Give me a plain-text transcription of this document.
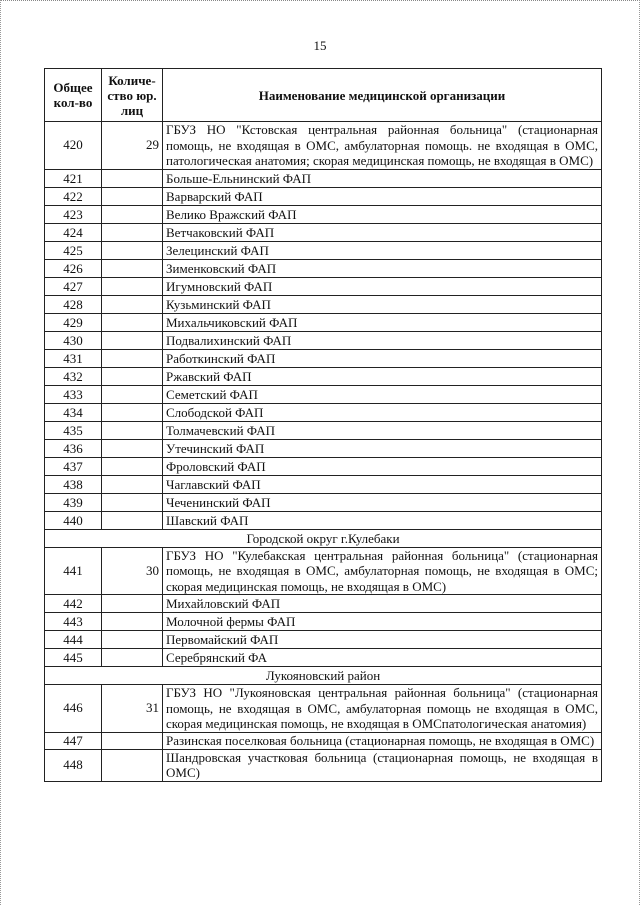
15
Общее кол-во	Количе-ство юр. лиц	Наименование медицинской организации
420	29	ГБУЗ НО "Кстовская центральная районная больница" (стационарная помощь, не входящая в ОМС, амбулаторная помощь. не входящая в ОМС, патологическая анатомия; скорая медицинская помощь, не входящая в ОМС)
421		Больше-Ельнинский ФАП
422		Варварский ФАП
423		Велико Вражский ФАП
424		Ветчаковский ФАП
425		Зелецинский ФАП
426		Зименковский ФАП
427		Игумновский ФАП
428		Кузьминский ФАП
429		Михальчиковский ФАП
430		Подвалихинский ФАП
431		Работкинский ФАП
432		Ржавский ФАП
433		Семетский ФАП
434		Слободской ФАП
435		Толмачевский ФАП
436		Утечинский ФАП
437		Фроловский ФАП
438		Чаглавский ФАП
439		Чеченинский ФАП
440		Шавский ФАП
Городской округ г.Кулебаки		
441	30	ГБУЗ НО "Кулебакская центральная районная больница" (стационарная помощь, не входящая в ОМС, амбулаторная помощь, не входящая в ОМС; скорая медицинская помощь, не входящая в ОМС)
442		Михайловский ФАП
443		Молочной фермы ФАП
444		Первомайский ФАП
445		Серебрянский ФА
Лукояновский район		
446	31	ГБУЗ НО "Лукояновская центральная районная больница" (стационарная помощь, не входящая в ОМС, амбулаторная помощь не входящая в ОМС, скорая медицинская помощь, не входящая в ОМСпатологическая анатомия)
447		Разинская поселковая больница (стационарная помощь, не входящая в ОМС)
448		Шандровская участковая больница (стационарная помощь, не входящая в ОМС)
